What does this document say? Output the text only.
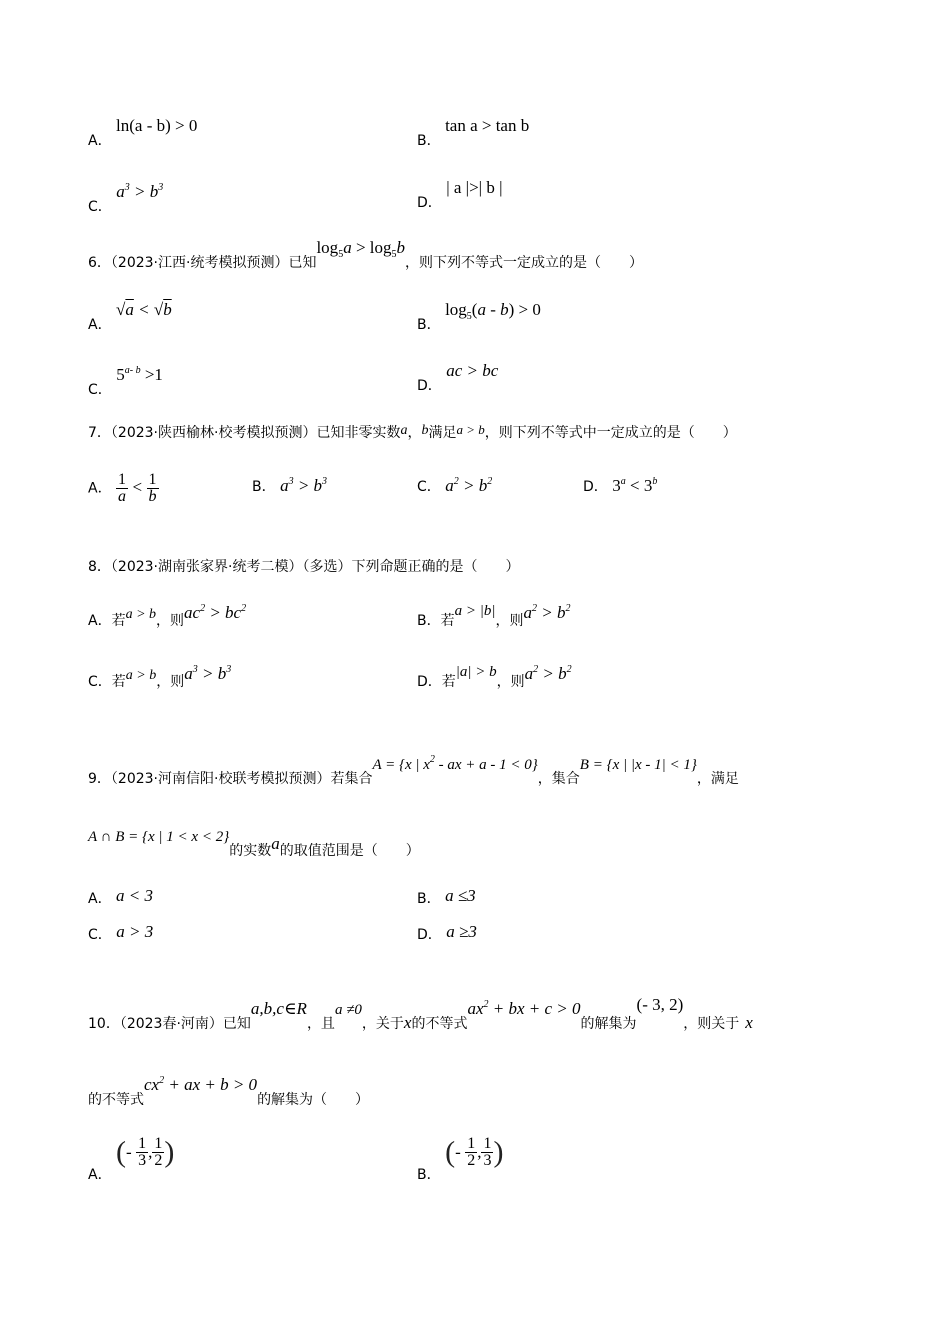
A． ln(a - b) > 0
B． tan a > tan b
C． $a^3 > b^3$
D． | a |>| b |
6．（2023·江西·统考模拟预测）已知$\log_5a > \log_5b$，则下列不等式一定成立的是（　　）
A． √a < √b
B． $\log_5(a - b) > 0$
C． $5^{a- b} >1$
D． ac > bc
7．（2023·陕西榆林·校考模拟预测）已知非零实数a，b满足a > b，则下列不等式中一定成立的是（　　）
A． $\frac{1}{a} < \frac{1}{b}$	B． $a^3 > b^3$	C． $a^2 > b^2$	D． $3^a < 3^b$
8．（2023·湖南张家界·统考二模）（多选）下列命题正确的是（　　）
A．若a > b，则$ac^2 > bc^2$
B．若a > |b|，则$a^2 > b^2$
C．若a > b，则$a^3 > b^3$
D．若|a| > b，则$a^2 > b^2$
9．（2023·河南信阳·校联考模拟预测）若集合A = {x | $x^2$ - ax + a - 1 < 0}，集合B = {x | |x - 1| < 1}，满足
A ∩ B = {x | 1 < x < 2}的实数a的取值范围是（　　）
A． a < 3	B． a ≤3
C． a > 3	D． a ≥3
10．（2023春·河南）已知a,b,c∈R，且a ≠0，关于x的不等式$ax^2$ + bx + c > 0的解集为(- 3, 2)，则关于 x
的不等式$cx^2$ + ax + b > 0的解集为（　　）
A． (- $\frac{1}{3}$ , $\frac{1}{2}$ )
B． (- $\frac{1}{2}$ , $\frac{1}{3}$ )
